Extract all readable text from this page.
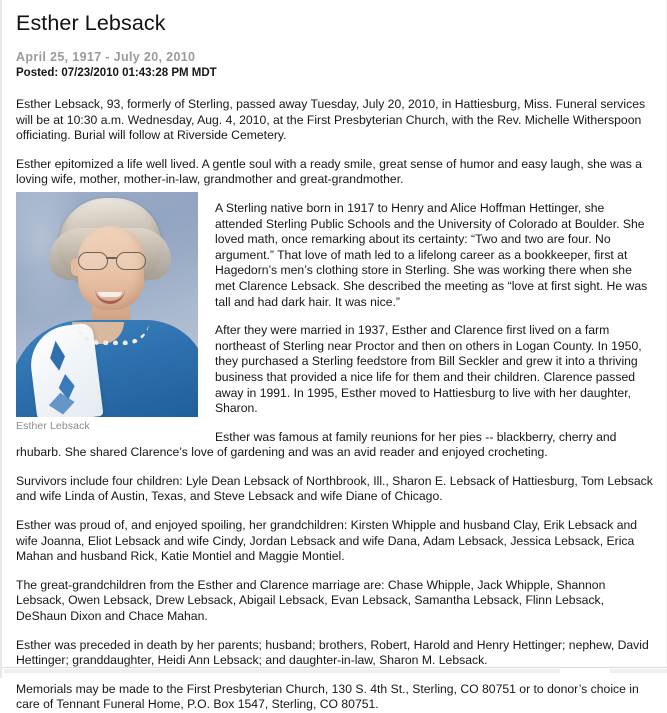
Esther Lebsack
April 25, 1917 - July 20, 2010
Posted: 07/23/2010 01:43:28 PM MDT

Esther Lebsack, 93, formerly of Sterling, passed away Tuesday, July 20, 2010, in Hattiesburg, Miss. Funeral services will be at 10:30 a.m. Wednesday, Aug. 4, 2010, at the First Presbyterian Church, with the Rev. Michelle Witherspoon officiating. Burial will follow at Riverside Cemetery.

Esther epitomized a life well lived. A gentle soul with a ready smile, great sense of humor and easy laugh, she was a loving wife, mother, mother-in-law, grandmother and great-grandmother.

Esther Lebsack

A Sterling native born in 1917 to Henry and Alice Hoffman Hettinger, she attended Sterling Public Schools and the University of Colorado at Boulder. She loved math, once remarking about its certainty: “Two and two are four. No argument.” That love of math led to a lifelong career as a bookkeeper, first at Hagedorn’s men’s clothing store in Sterling. She was working there when she met Clarence Lebsack. She described the meeting as “love at first sight. He was tall and had dark hair. It was nice.”

After they were married in 1937, Esther and Clarence first lived on a farm northeast of Sterling near Proctor and then on others in Logan County. In 1950, they purchased a Sterling feedstore from Bill Seckler and grew it into a thriving business that provided a nice life for them and their children. Clarence passed away in 1991. In 1995, Esther moved to Hattiesburg to live with her daughter, Sharon.

Esther was famous at family reunions for her pies -- blackberry, cherry and rhubarb. She shared Clarence’s love of gardening and was an avid reader and enjoyed crocheting.

Survivors include four children: Lyle Dean Lebsack of Northbrook, Ill., Sharon E. Lebsack of Hattiesburg, Tom Lebsack and wife Linda of Austin, Texas, and Steve Lebsack and wife Diane of Chicago.

Esther was proud of, and enjoyed spoiling, her grandchildren: Kirsten Whipple and husband Clay, Erik Lebsack and wife Joanna, Eliot Lebsack and wife Cindy, Jordan Lebsack and wife Dana, Adam Lebsack, Jessica Lebsack, Erica Mahan and husband Rick, Katie Montiel and Maggie Montiel.

The great-grandchildren from the Esther and Clarence marriage are: Chase Whipple, Jack Whipple, Shannon Lebsack, Owen Lebsack, Drew Lebsack, Abigail Lebsack, Evan Lebsack, Samantha Lebsack, Flinn Lebsack, DeShaun Dixon and Chace Mahan.

Esther was preceded in death by her parents; husband; brothers, Robert, Harold and Henry Hettinger; nephew, David Hettinger; granddaughter, Heidi Ann Lebsack; and daughter-in-law, Sharon M. Lebsack.

Memorials may be made to the First Presbyterian Church, 130 S. 4th St., Sterling, CO 80751 or to donor’s choice in care of Tennant Funeral Home, P.O. Box 1547, Sterling, CO 80751.
